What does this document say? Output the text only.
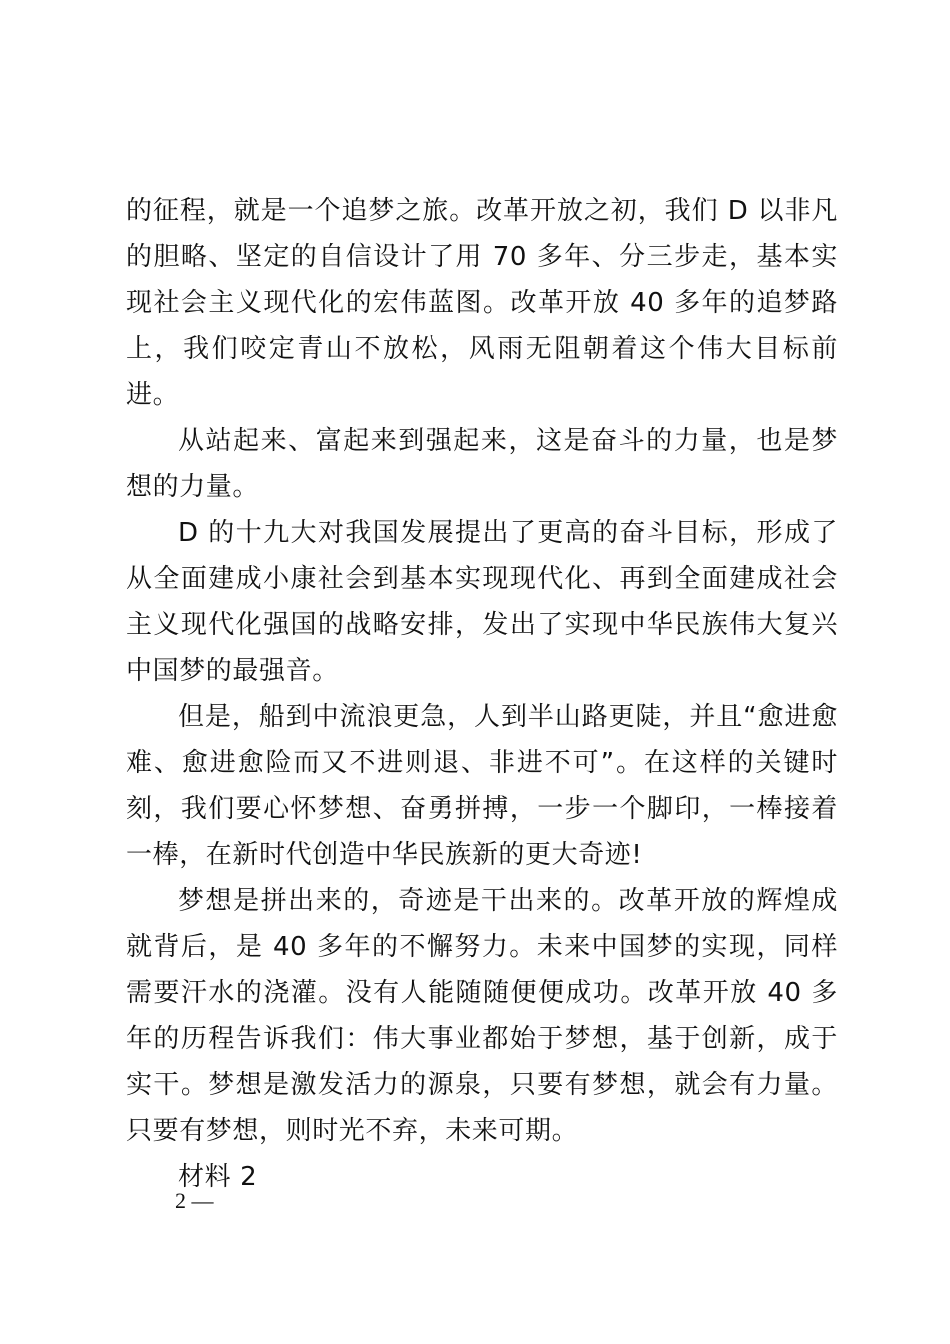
的征程，就是一个追梦之旅。改革开放之初，我们 D 以非凡的胆略、坚定的自信设计了用 70 多年、分三步走，基本实现社会主义现代化的宏伟蓝图。改革开放 40 多年的追梦路上，我们咬定青山不放松，风雨无阻朝着这个伟大目标前进。

从站起来、富起来到强起来，这是奋斗的力量，也是梦想的力量。

D 的十九大对我国发展提出了更高的奋斗目标，形成了从全面建成小康社会到基本实现现代化、再到全面建成社会主义现代化强国的战略安排，发出了实现中华民族伟大复兴中国梦的最强音。

但是，船到中流浪更急，人到半山路更陡，并且“愈进愈难、愈进愈险而又不进则退、非进不可”。在这样的关键时刻，我们要心怀梦想、奋勇拼搏，一步一个脚印，一棒接着一棒，在新时代创造中华民族新的更大奇迹!

梦想是拼出来的，奇迹是干出来的。改革开放的辉煌成就背后，是 40 多年的不懈努力。未来中国梦的实现，同样需要汗水的浇灌。没有人能随随便便成功。改革开放 40 多年的历程告诉我们：伟大事业都始于梦想，基于创新，成于实干。梦想是激发活力的源泉，只要有梦想，就会有力量。只要有梦想，则时光不弃，未来可期。

材料 2

2 —
